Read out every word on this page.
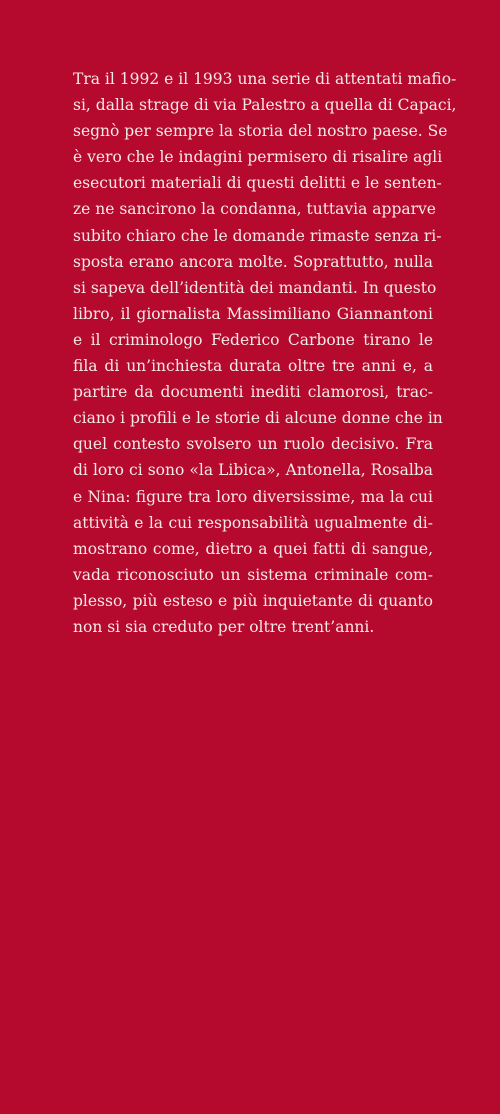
Tra il 1992 e il 1993 una serie di attentati mafio-
si, dalla strage di via Palestro a quella di Capaci,
segnò per sempre la storia del nostro paese. Se
è vero che le indagini permisero di risalire agli
esecutori materiali di questi delitti e le senten-
ze ne sancirono la condanna, tuttavia apparve
subito chiaro che le domande rimaste senza ri-
sposta erano ancora molte. Soprattutto, nulla
si sapeva dell’identità dei mandanti. In questo
libro, il giornalista Massimiliano Giannantoni
e il criminologo Federico Carbone tirano le
fila di un’inchiesta durata oltre tre anni e, a
partire da documenti inediti clamorosi, trac-
ciano i profili e le storie di alcune donne che in
quel contesto svolsero un ruolo decisivo. Fra
di loro ci sono «la Libica», Antonella, Rosalba
e Nina: figure tra loro diversissime, ma la cui
attività e la cui responsabilità ugualmente di-
mostrano come, dietro a quei fatti di sangue,
vada riconosciuto un sistema criminale com-
plesso, più esteso e più inquietante di quanto
non si sia creduto per oltre trent’anni.
